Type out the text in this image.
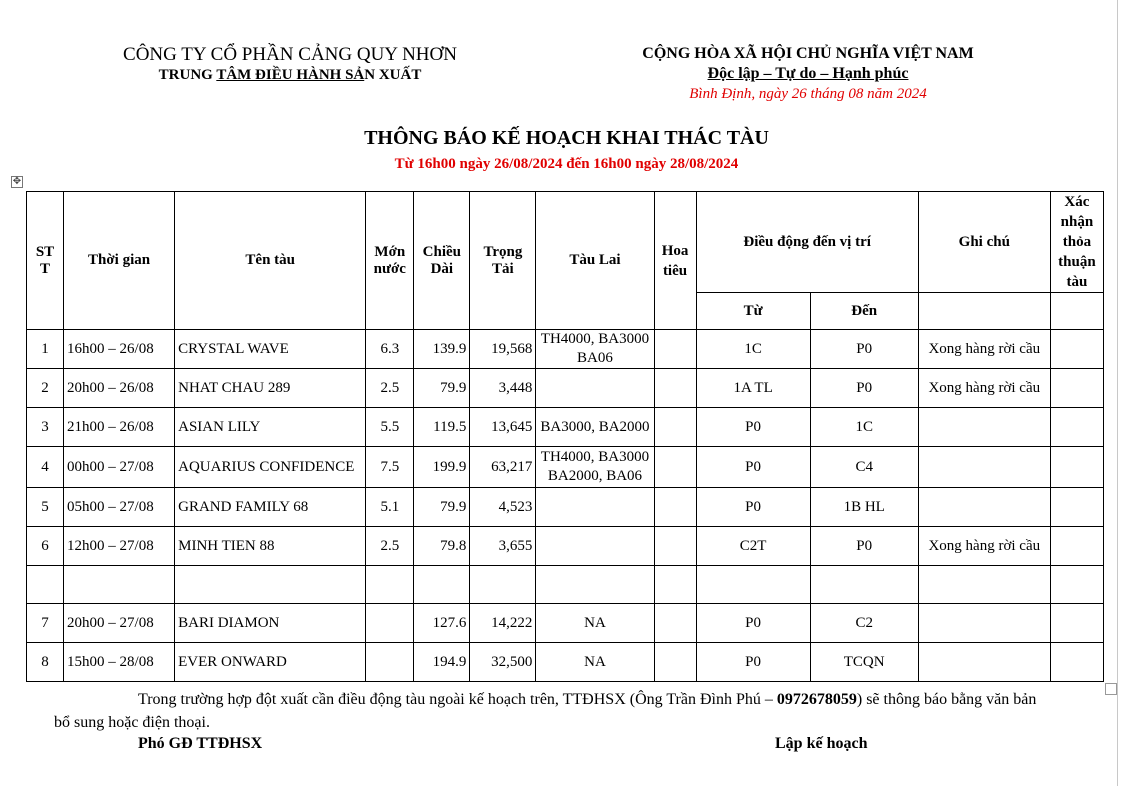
CÔNG TY CỔ PHẦN CẢNG QUY NHƠN
TRUNG TÂM ĐIỀU HÀNH SẢN XUẤT
CỘNG HÒA XÃ HỘI CHỦ NGHĨA VIỆT NAM
Độc lập – Tự do – Hạnh phúc
Bình Định, ngày 26 tháng 08 năm 2024
THÔNG BÁO KẾ HOẠCH KHAI THÁC TÀU
Từ 16h00 ngày 26/08/2024 đến 16h00 ngày 28/08/2024
✥
ST T	Thời gian	Tên tàu	Mớn nước	Chiều Dài	Trọng Tải	Tàu Lai	Hoa tiêu	Điều động đến vị trí		Ghi chú	Xác nhận thỏa thuận tàu
								Từ	Đến		
1	16h00 – 26/08	CRYSTAL WAVE	6.3	139.9	19,568	TH4000, BA3000 BA06		1C	P0	Xong hàng rời cầu	
2	20h00 – 26/08	NHAT CHAU 289	2.5	79.9	3,448			1A TL	P0	Xong hàng rời cầu	
3	21h00 – 26/08	ASIAN LILY	5.5	119.5	13,645	BA3000, BA2000		P0	1C		
4	00h00 – 27/08	AQUARIUS CONFIDENCE	7.5	199.9	63,217	TH4000, BA3000 BA2000, BA06		P0	C4		
5	05h00 – 27/08	GRAND FAMILY 68	5.1	79.9	4,523			P0	1B HL		
6	12h00 – 27/08	MINH TIEN 88	2.5	79.8	3,655			C2T	P0	Xong hàng rời cầu	

7	20h00 – 27/08	BARI DIAMON		127.6	14,222	NA		P0	C2		
8	15h00 – 28/08	EVER ONWARD		194.9	32,500	NA		P0	TCQN		
Trong trường hợp đột xuất cần điều động tàu ngoài kế hoạch trên, TTĐHSX (Ông Trần Đình Phú – 0972678059) sẽ thông báo bằng văn bản bổ sung hoặc điện thoại.
Phó GĐ TTĐHSX	Lập kế hoạch
